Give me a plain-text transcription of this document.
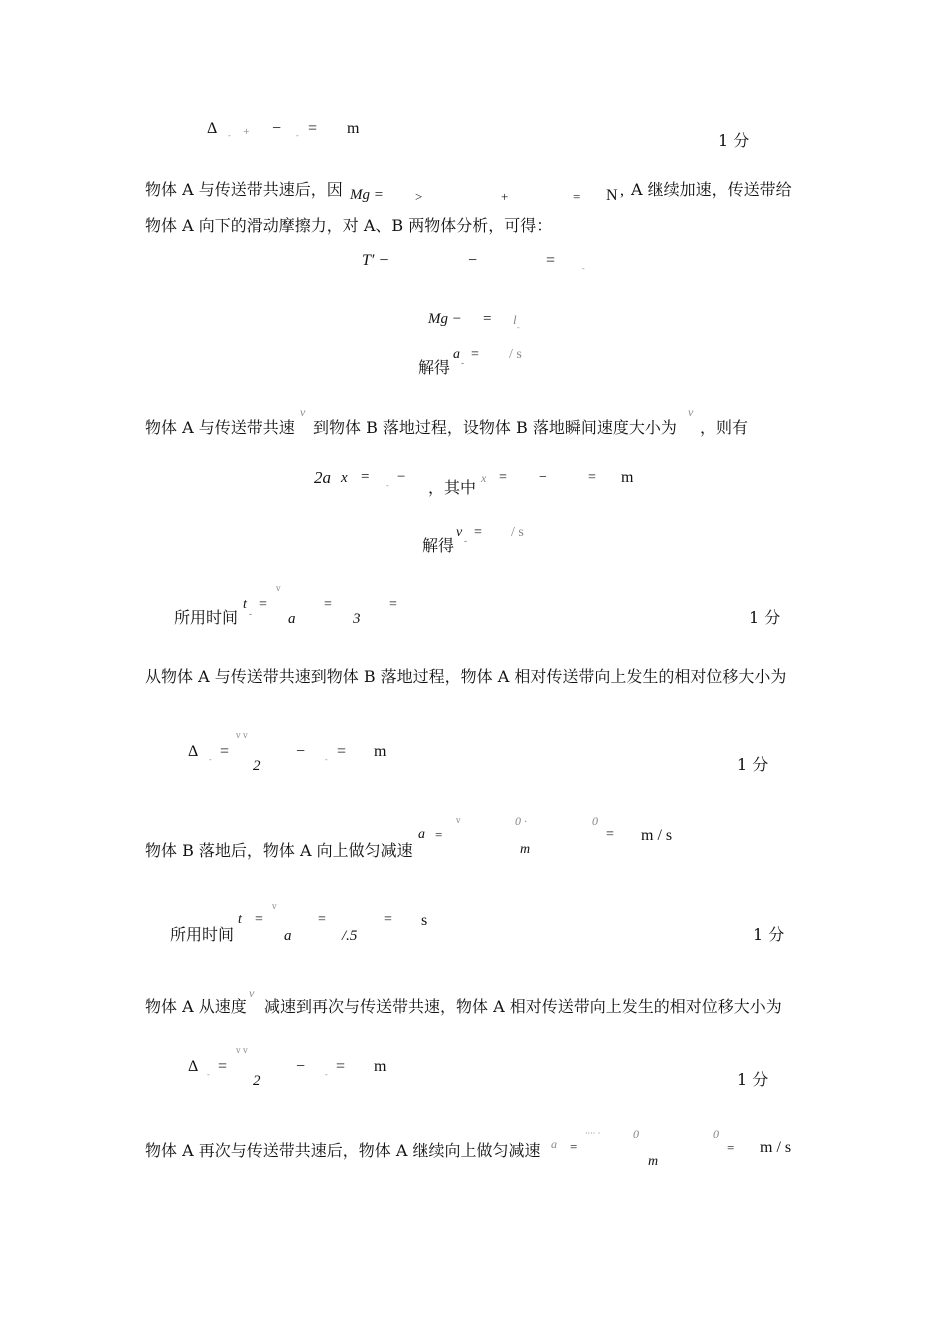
Δ ‐ + − ‐ = m
1 分
物体 A 与传送带共速后，因 Mg = >	+	= N , A 继续加速，传送带给
物体 A 向下的滑动摩擦力，对 A、B 两物体分析，可得：
T′ −	−	=	‐
Mg − = l
‐
解得
a
‐
= / s
物体 A 与传送带共速
v
到物体 B 落地过程，设物体 B 落地瞬间速度大小为
v
，则有
2a x =
‐
−
，其中 x = −	= m
解得
v
‐
= / s
所用时间
t
‐
=
v
a
=
3
=
1 分
从物体 A 与传送带共速到物体 B 落地过程，物体 A 相对传送带向上发生的相对位移大小为
Δ ‐ =
v v
2
− ‐ = m
1 分
物体 B 落地后，物体 A 向上做匀减速
a =
v	0 ·
m
0
= m / s
所用时间
t =
v
a
=
/.5
= s
1 分
物体 A 从速度
v
减速到再次与传送带共速，物体 A 相对传送带向上发生的相对位移大小为
Δ ‐ =
v v
2
− ‐ = m
1 分
物体 A 再次与传送带共速后，物体 A 继续向上做匀减速 a =
···· ·	0
m
0
= m / s
